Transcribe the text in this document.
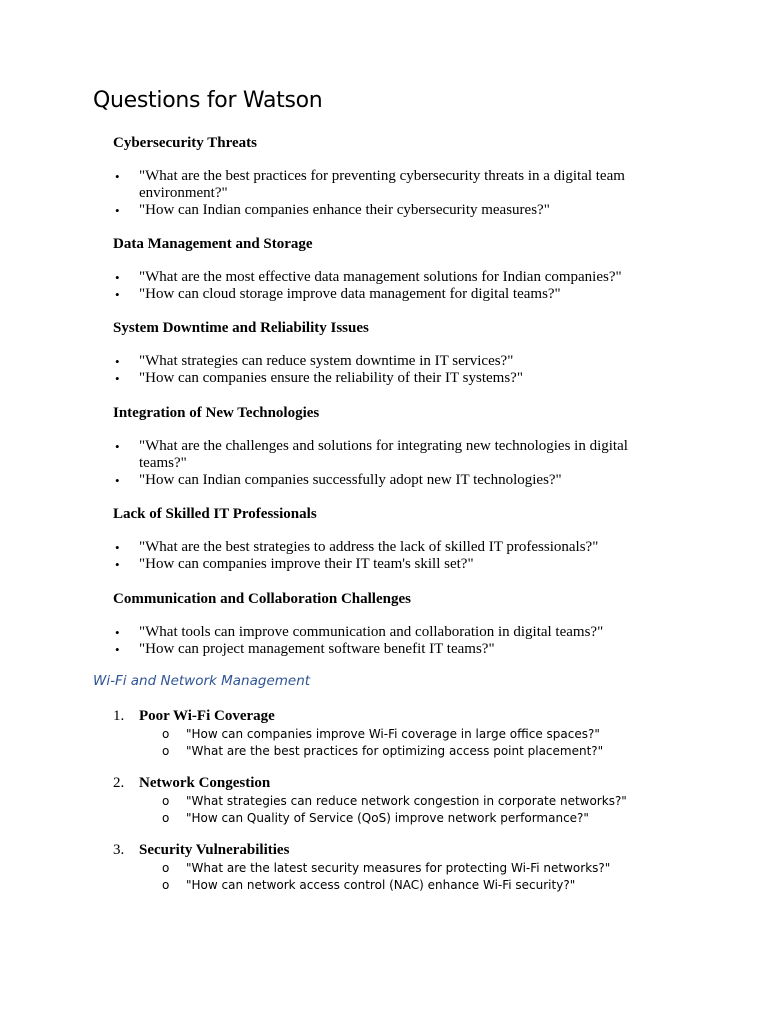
Questions for Watson
Cybersecurity Threats
• "What are the best practices for preventing cybersecurity threats in a digital team environment?"
• "How can Indian companies enhance their cybersecurity measures?"
Data Management and Storage
• "What are the most effective data management solutions for Indian companies?"
• "How can cloud storage improve data management for digital teams?"
System Downtime and Reliability Issues
• "What strategies can reduce system downtime in IT services?"
• "How can companies ensure the reliability of their IT systems?"
Integration of New Technologies
• "What are the challenges and solutions for integrating new technologies in digital teams?"
• "How can Indian companies successfully adopt new IT technologies?"
Lack of Skilled IT Professionals
• "What are the best strategies to address the lack of skilled IT professionals?"
• "How can companies improve their IT team's skill set?"
Communication and Collaboration Challenges
• "What tools can improve communication and collaboration in digital teams?"
• "How can project management software benefit IT teams?"
Wi-Fi and Network Management
1. Poor Wi-Fi Coverage
o "How can companies improve Wi-Fi coverage in large office spaces?"
o "What are the best practices for optimizing access point placement?"
2. Network Congestion
o "What strategies can reduce network congestion in corporate networks?"
o "How can Quality of Service (QoS) improve network performance?"
3. Security Vulnerabilities
o "What are the latest security measures for protecting Wi-Fi networks?"
o "How can network access control (NAC) enhance Wi-Fi security?"
